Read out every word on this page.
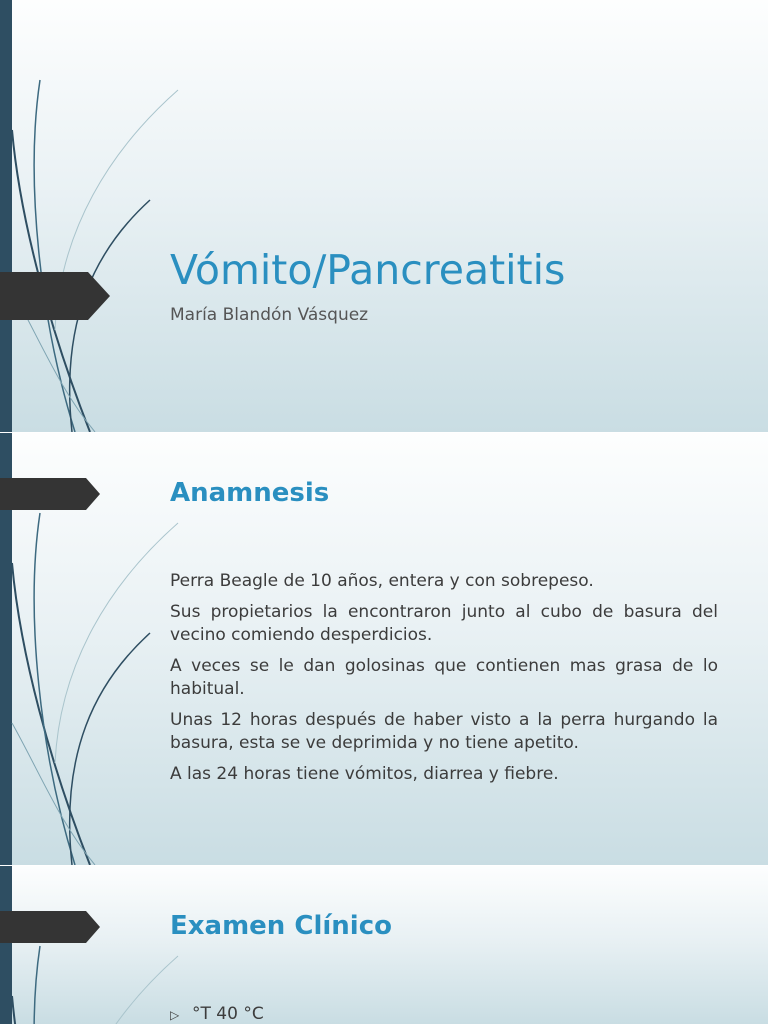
Vómito/Pancreatitis
María Blandón Vásquez
Anamnesis

Perra Beagle de 10 años, entera y con sobrepeso.

Sus propietarios la encontraron junto al cubo de basura del vecino comiendo desperdicios.

A veces se le dan golosinas que contienen mas grasa de lo habitual.

Unas 12 horas después de haber visto a la perra hurgando la basura, esta se ve deprimida y no tiene apetito.

A las 24 horas tiene vómitos, diarrea y fiebre.

Examen Clínico
▷ °T 40 °C
